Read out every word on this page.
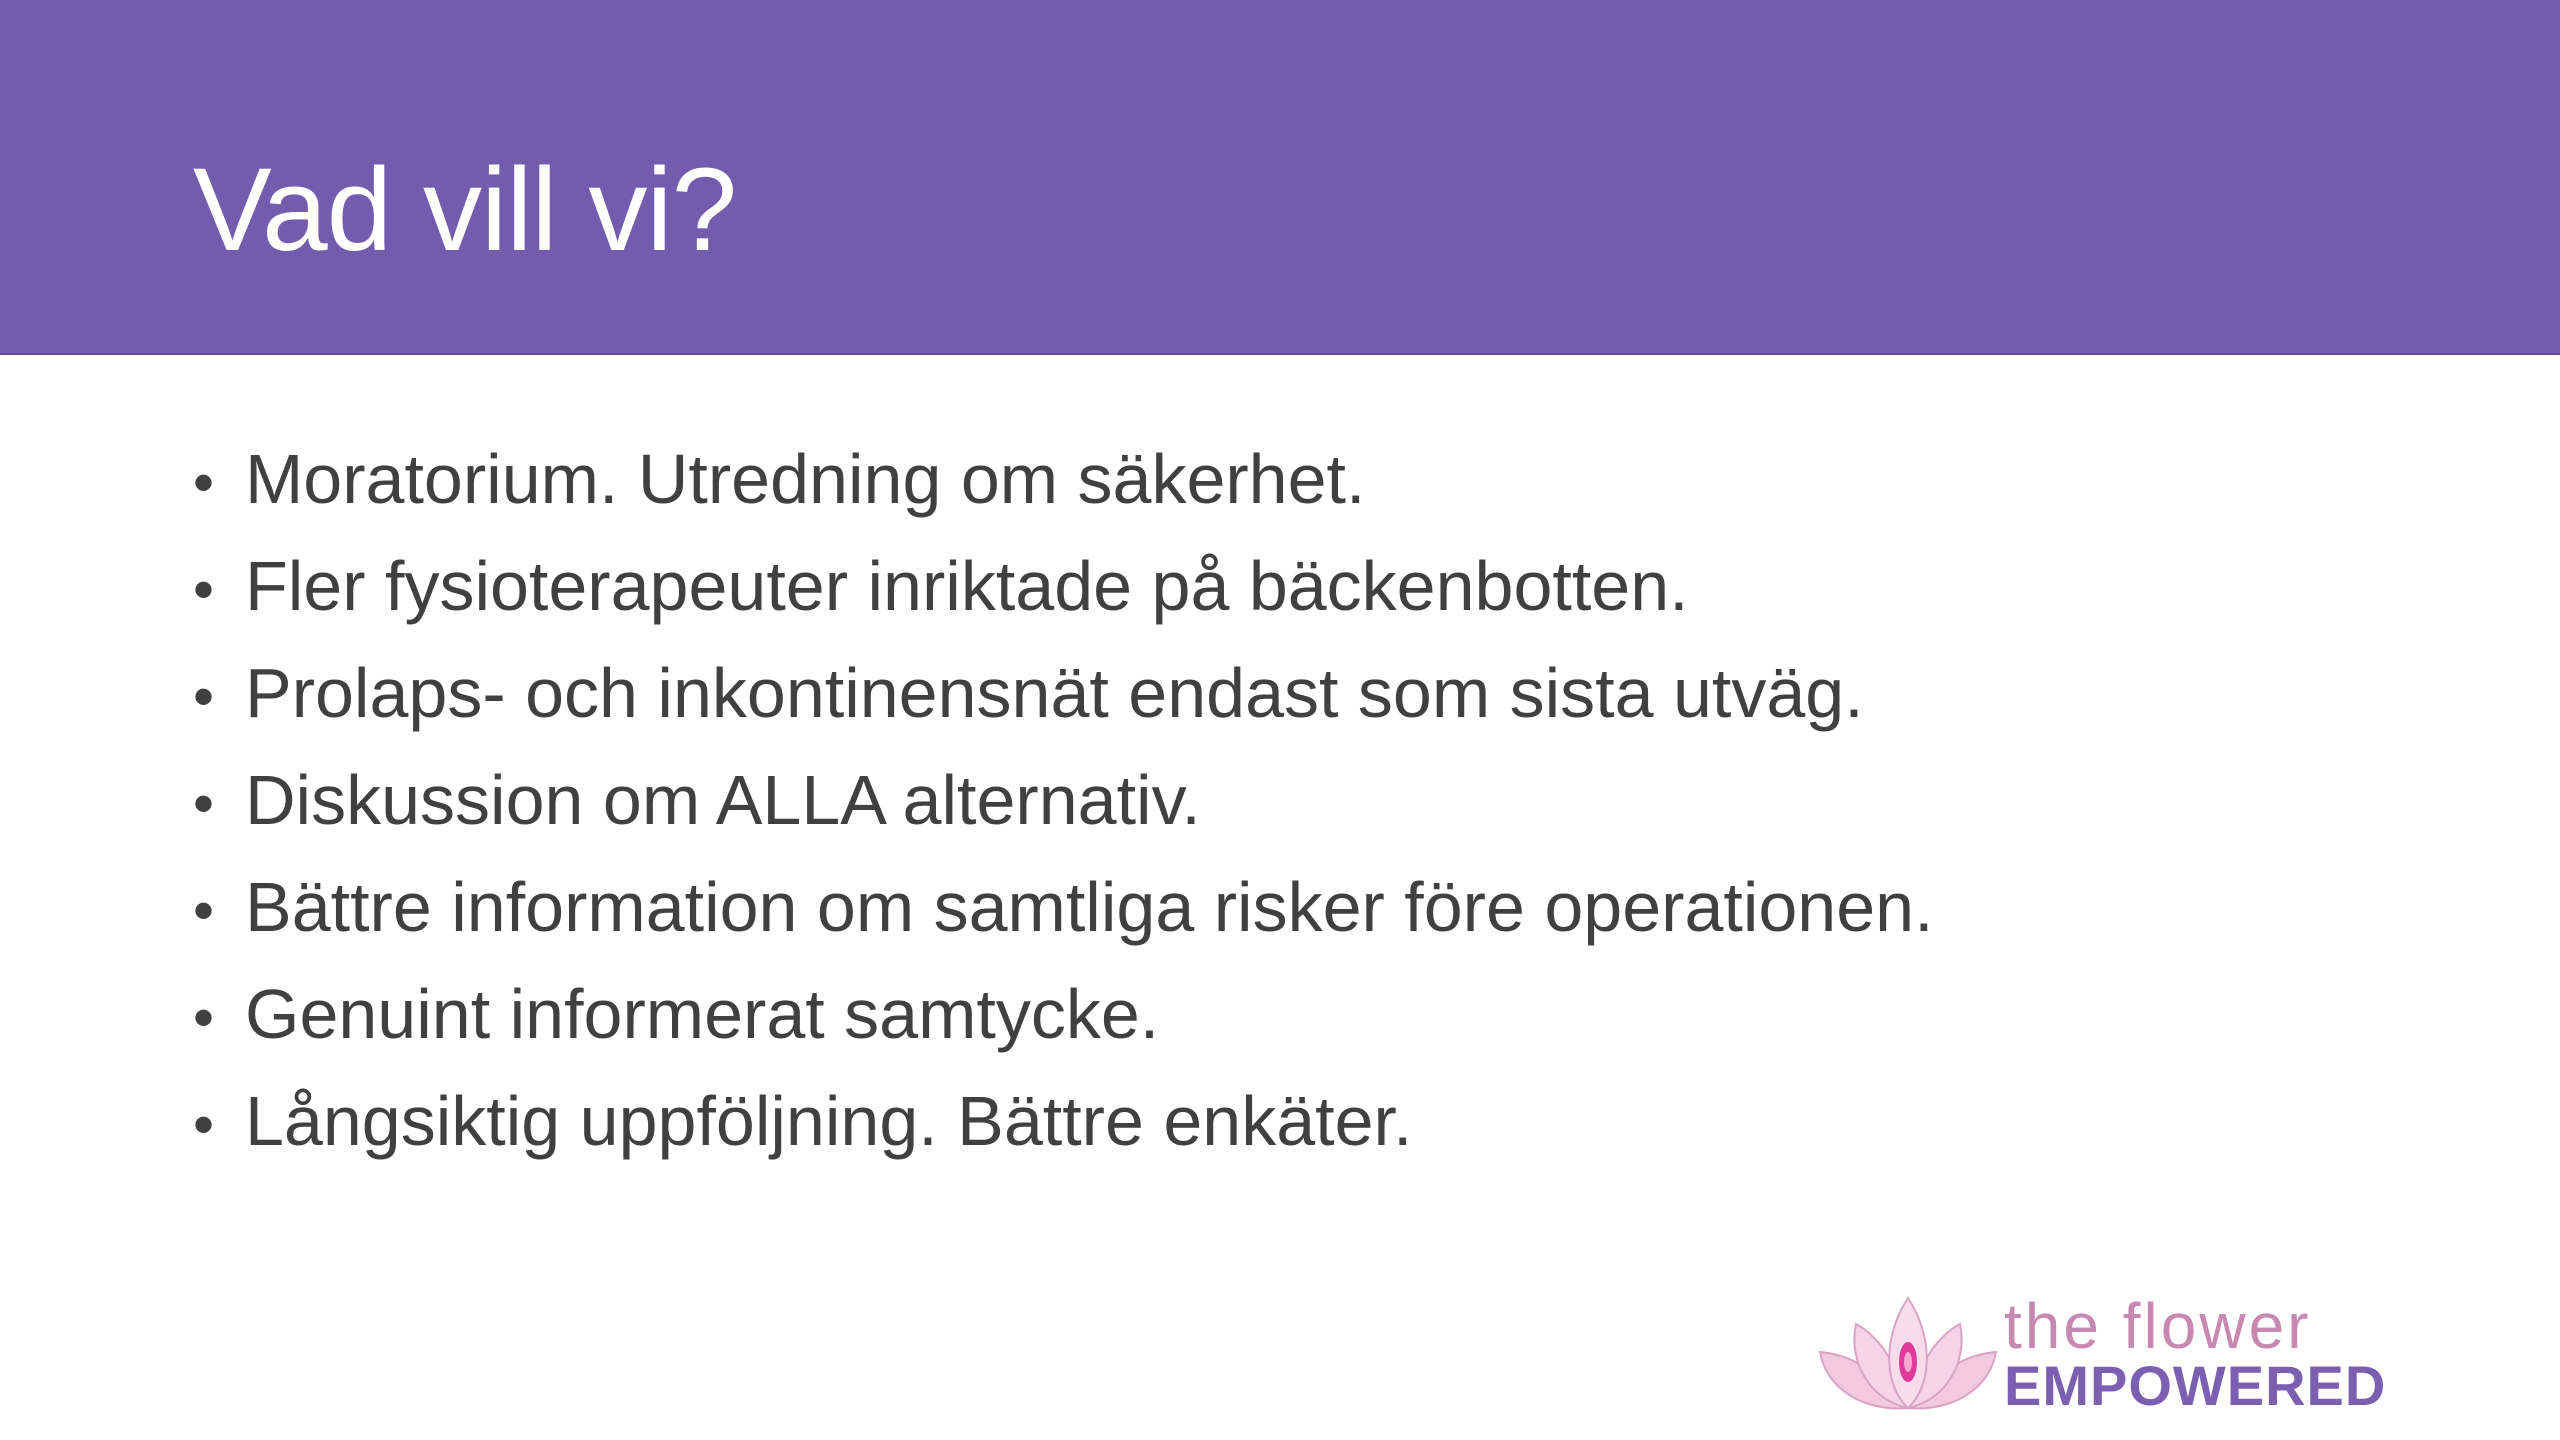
Vad vill vi?
• Moratorium. Utredning om säkerhet.
• Fler fysioterapeuter inriktade på bäckenbotten.
• Prolaps- och inkontinensnät endast som sista utväg.
• Diskussion om ALLA alternativ.
• Bättre information om samtliga risker före operationen.
• Genuint informerat samtycke.
• Långsiktig uppföljning. Bättre enkäter.
the flower
EMPOWERED
